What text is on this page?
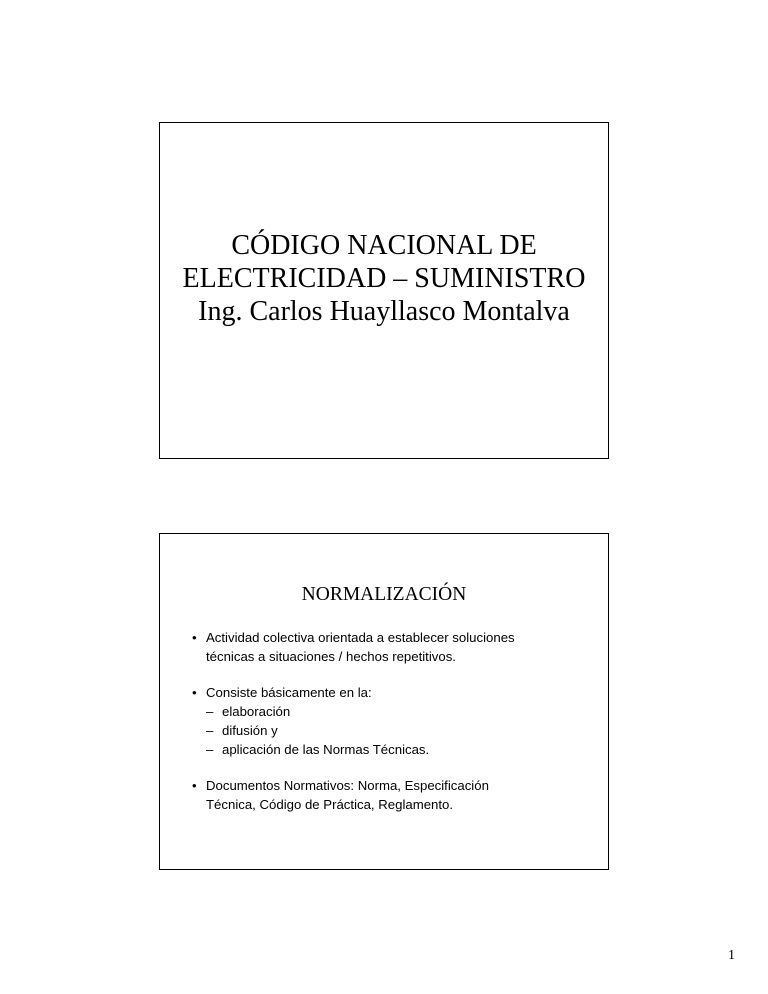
CÓDIGO NACIONAL DE
ELECTRICIDAD – SUMINISTRO
Ing. Carlos Huayllasco Montalva
NORMALIZACIÓN
• Actividad colectiva orientada a establecer soluciones
técnicas a situaciones / hechos repetitivos.
• Consiste básicamente en la:
– elaboración
– difusión y
– aplicación de las Normas Técnicas.
• Documentos Normativos: Norma, Especificación
Técnica, Código de Práctica, Reglamento.
1
